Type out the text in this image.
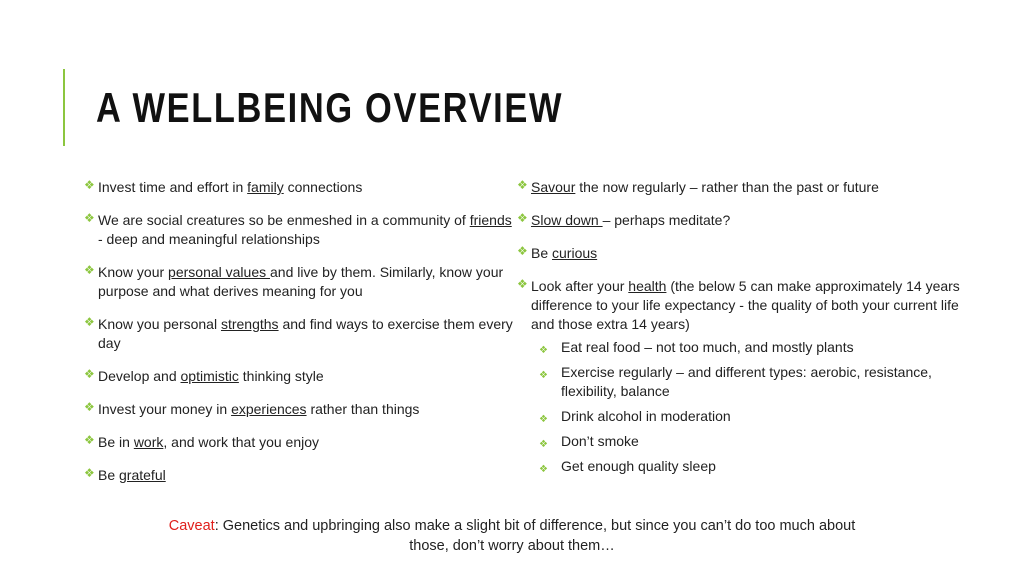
A WELLBEING OVERVIEW
❖ Invest time and effort in family connections
❖ We are social creatures so be enmeshed in a community of friends - deep and meaningful relationships
❖ Know your personal values and live by them. Similarly, know your purpose and what derives meaning for you
❖ Know you personal strengths and find ways to exercise them every day
❖ Develop and optimistic thinking style
❖ Invest your money in experiences rather than things
❖ Be in work, and work that you enjoy
❖ Be grateful
❖ Savour the now regularly – rather than the past or future
❖ Slow down – perhaps meditate?
❖ Be curious
❖ Look after your health (the below 5 can make approximately 14 years difference to your life expectancy - the quality of both your current life and those extra 14 years)
❖ Eat real food – not too much, and mostly plants
❖ Exercise regularly – and different types: aerobic, resistance, flexibility, balance
❖ Drink alcohol in moderation
❖ Don’t smoke
❖ Get enough quality sleep
Caveat: Genetics and upbringing also make a slight bit of difference, but since you can’t do too much about those, don’t worry about them…
